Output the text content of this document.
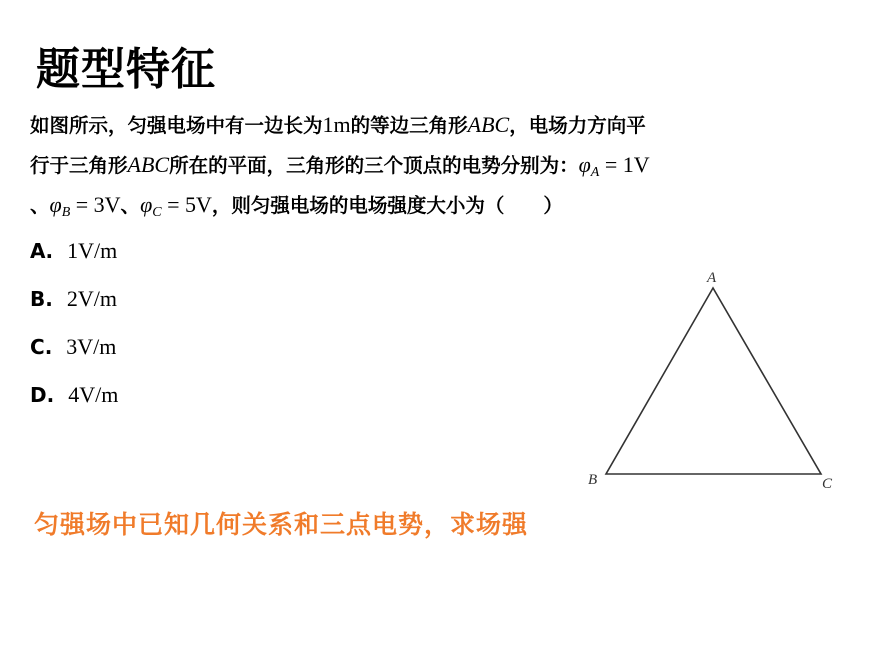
题型特征
如图所示，匀强电场中有一边长为1m的等边三角形ABC，电场力方向平
行于三角形ABC所在的平面，三角形的三个顶点的电势分别为：$\varphi_A = 1V$
、$\varphi_B = 3V$、$\varphi_C = 5V$，则匀强电场的电场强度大小为（　　）
A . 1V/m
B . 2V/m
C . 3V/m
D . 4V/m
A
B	C
匀强场中已知几何关系和三点电势，求场强
